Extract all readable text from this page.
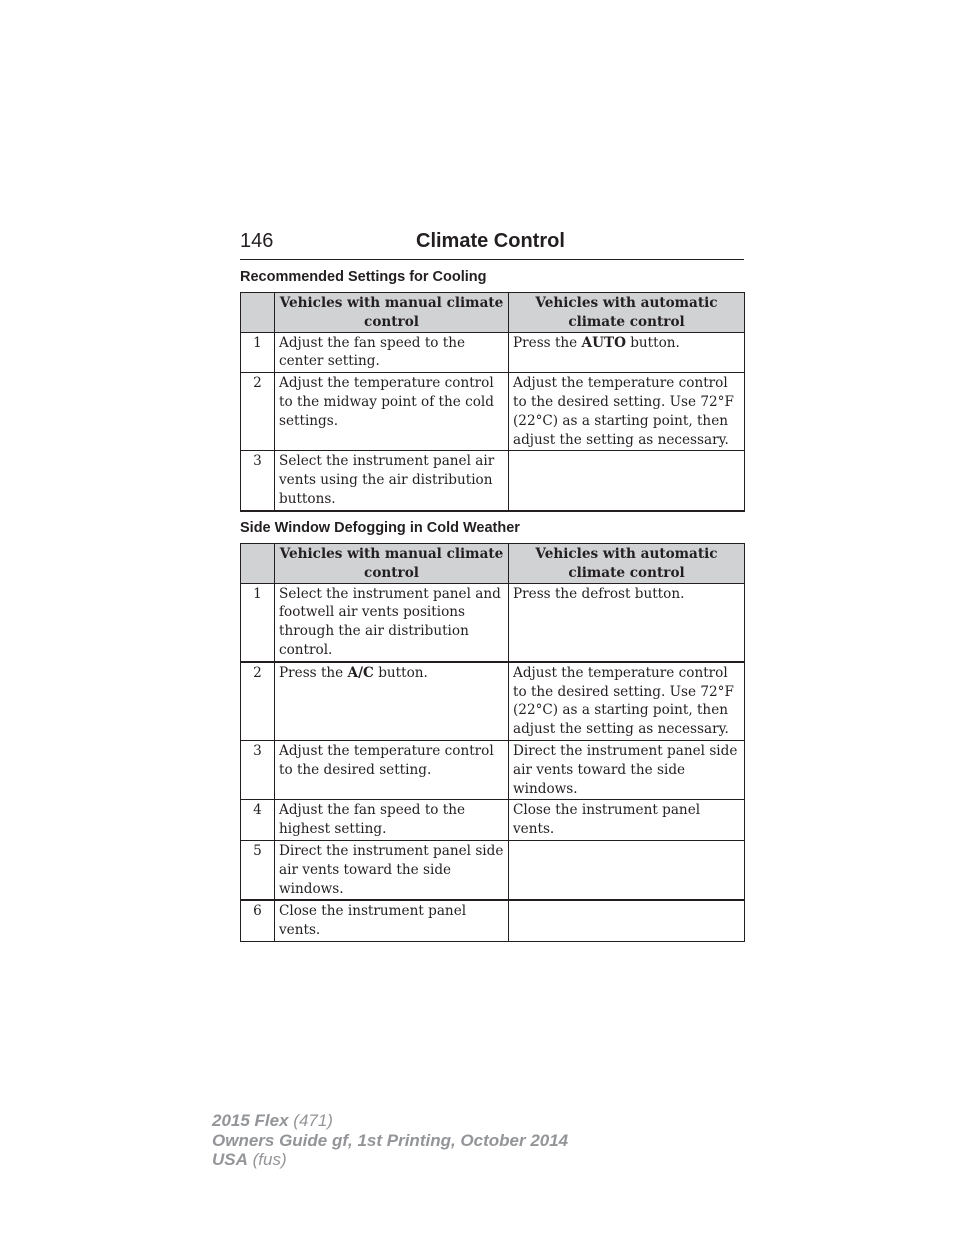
146	Climate Control
Recommended Settings for Cooling
	Vehicles with manual climate control	Vehicles with automatic climate control
1	Adjust the fan speed to the center setting.	Press the AUTO button.
2	Adjust the temperature control to the midway point of the cold settings.	Adjust the temperature control to the desired setting. Use 72°F (22°C) as a starting point, then adjust the setting as necessary.
3	Select the instrument panel air vents using the air distribution buttons.	
Side Window Defogging in Cold Weather
	Vehicles with manual climate control	Vehicles with automatic climate control
1	Select the instrument panel and footwell air vents positions through the air distribution control.	Press the defrost button.
2	Press the A/C button.	Adjust the temperature control to the desired setting. Use 72°F (22°C) as a starting point, then adjust the setting as necessary.
3	Adjust the temperature control to the desired setting.	Direct the instrument panel side air vents toward the side windows.
4	Adjust the fan speed to the highest setting.	Close the instrument panel vents.
5	Direct the instrument panel side air vents toward the side windows.	
6	Close the instrument panel vents.	
2015 Flex (471)
Owners Guide gf, 1st Printing, October 2014
USA (fus)
